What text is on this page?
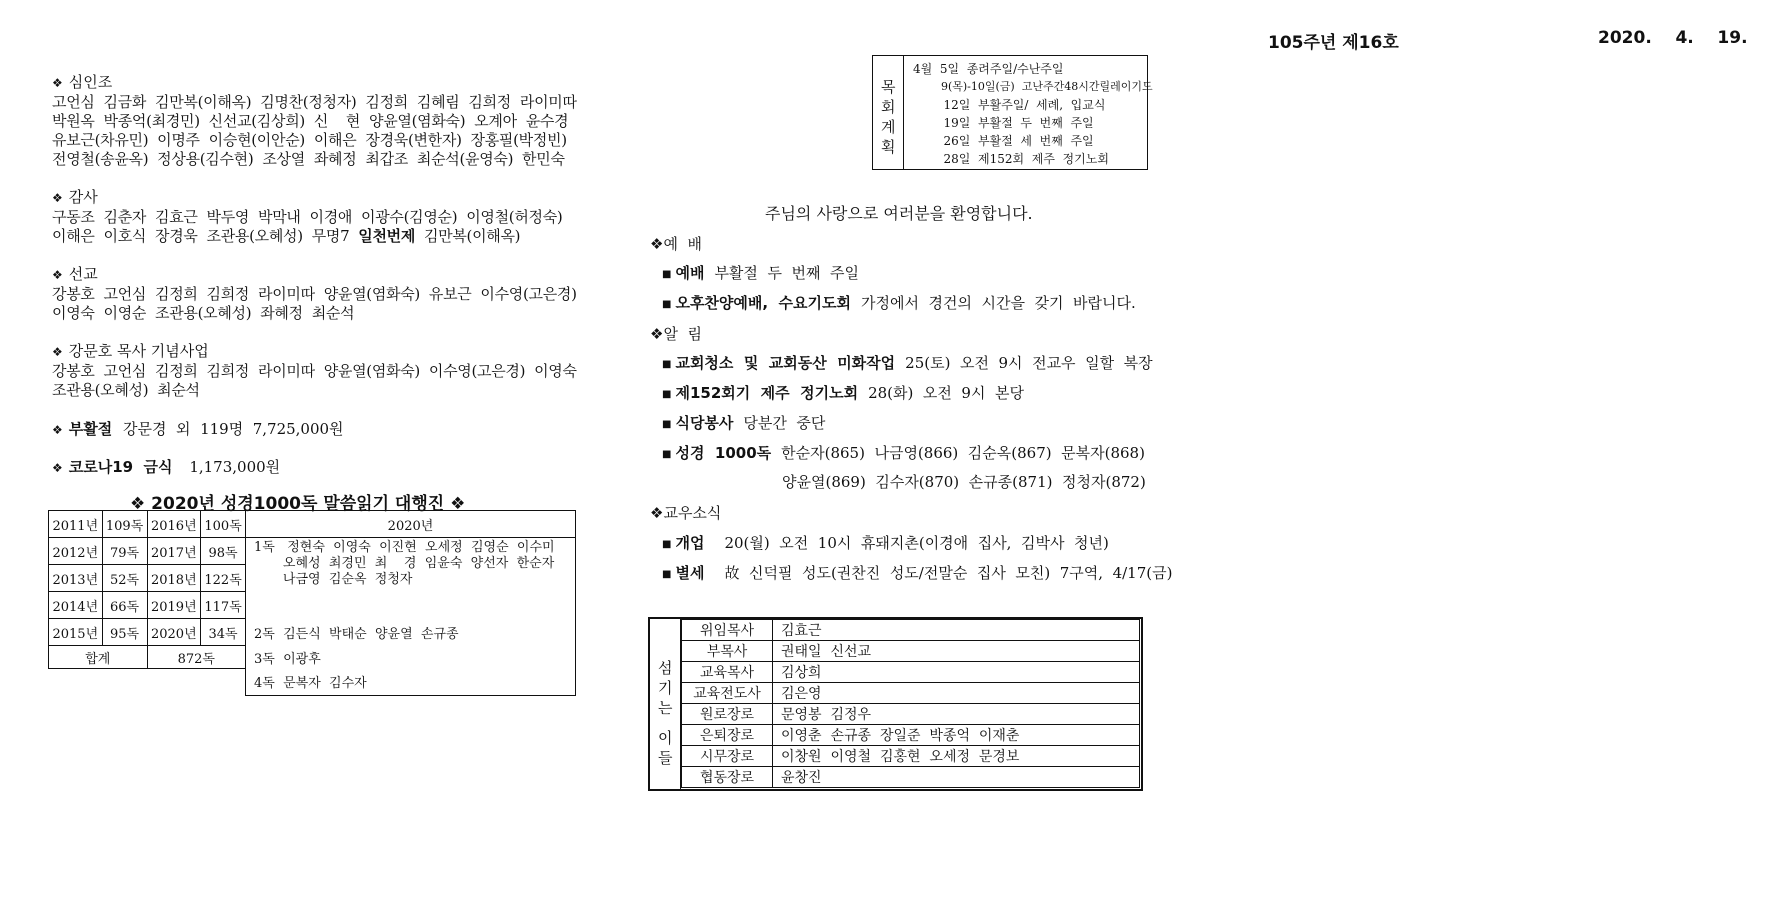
105주년 제16호	2020.    4.    19.
❖ 심인조
고언심  김금화  김만복(이해옥)  김명찬(정청자)  김정희  김혜림  김희정  라이미따
박원옥  박종억(최경민)  신선교(김상희)  신    현  양윤열(염화숙)  오계아  윤수경
유보근(차유민)  이명주  이승현(이안순)  이해은  장경욱(변한자)  장홍필(박정빈)
전영철(송윤옥)  정상용(김수현)  조상열  좌혜정  최갑조  최순석(윤영숙)  한민숙
❖ 감사
구동조  김춘자  김효근  박두영  박막내  이경애  이광수(김영순)  이영철(허정숙)
이해은  이호식  장경욱  조관용(오혜성)  무명7  일천번제  김만복(이해옥)
❖ 선교
강봉호  고언심  김정희  김희정  라이미따  양윤열(염화숙)  유보근  이수영(고은경)
이영숙  이영순  조관용(오혜성)  좌혜정  최순석
❖ 강문호 목사 기념사업
강봉호  고언심  김정희  김희정  라이미따  양윤열(염화숙)  이수영(고은경)  이영숙
조관용(오혜성)  최순석
❖ 부활절 강문경  외  119명  7,725,000원
❖ 코로나19  금식 1,173,000원
❖ 2020년 성경1000독 말씀읽기 대행진 ❖
2011년	109독	2016년	100독	2020년
2012년	79독	2017년	98독	1독   정현숙  이영숙  이진현  오세정  김영순  이수미
오혜성  최경민  최    경  임윤숙  양선자  한순자
나금영  김순옥  정청자

2013년	52독	2018년	122독	
2014년	66독	2019년	117독	
2015년	95독	2020년	34독	2독  김든식  박태순  양윤열  손규종
합계		872독		3독  이광후
				4독  문복자  김수자
목
회
계
획
4월  5일  종려주일/수난주일
9(목)-10일(금)  고난주간48시간릴레이기도
12일  부활주일/  세례,  입교식
19일  부활절  두  번째  주일
26일  부활절  세  번째  주일
28일  제152회  제주  정기노회
주님의 사랑으로 여러분을 환영합니다.
❖예  배
■ 예배 부활절  두  번째  주일
■ 오후찬양예배,  수요기도회 가정에서  경건의  시간을  갖기  바랍니다.
❖알  림
■ 교회청소  및  교회동산  미화작업 25(토)  오전  9시  전교우  일할  복장
■ 제152회기  제주  정기노회 28(화)  오전  9시  본당
■ 식당봉사 당분간  중단
■ 성경  1000독 한순자(865)  나금영(866)  김순옥(867)  문복자(868)
양윤열(869)  김수자(870)  손규종(871)  정청자(872)
❖교우소식
■ 개업 20(월)  오전  10시  휴돼지촌(이경애  집사,  김박사  청년)
■ 별세 故  신덕필  성도(권찬진  성도/전말순  집사  모친)  7구역,  4/17(금)
섬
기
는
이
들
위임목사	김효근
부목사	권태일  신선교
교육목사	김상희
교육전도사	김은영
원로장로	문영봉  김정우
은퇴장로	이영춘  손규종  장일준  박종억  이재춘
시무장로	이창원  이영철  김홍현  오세정  문경보
협동장로	윤창진
